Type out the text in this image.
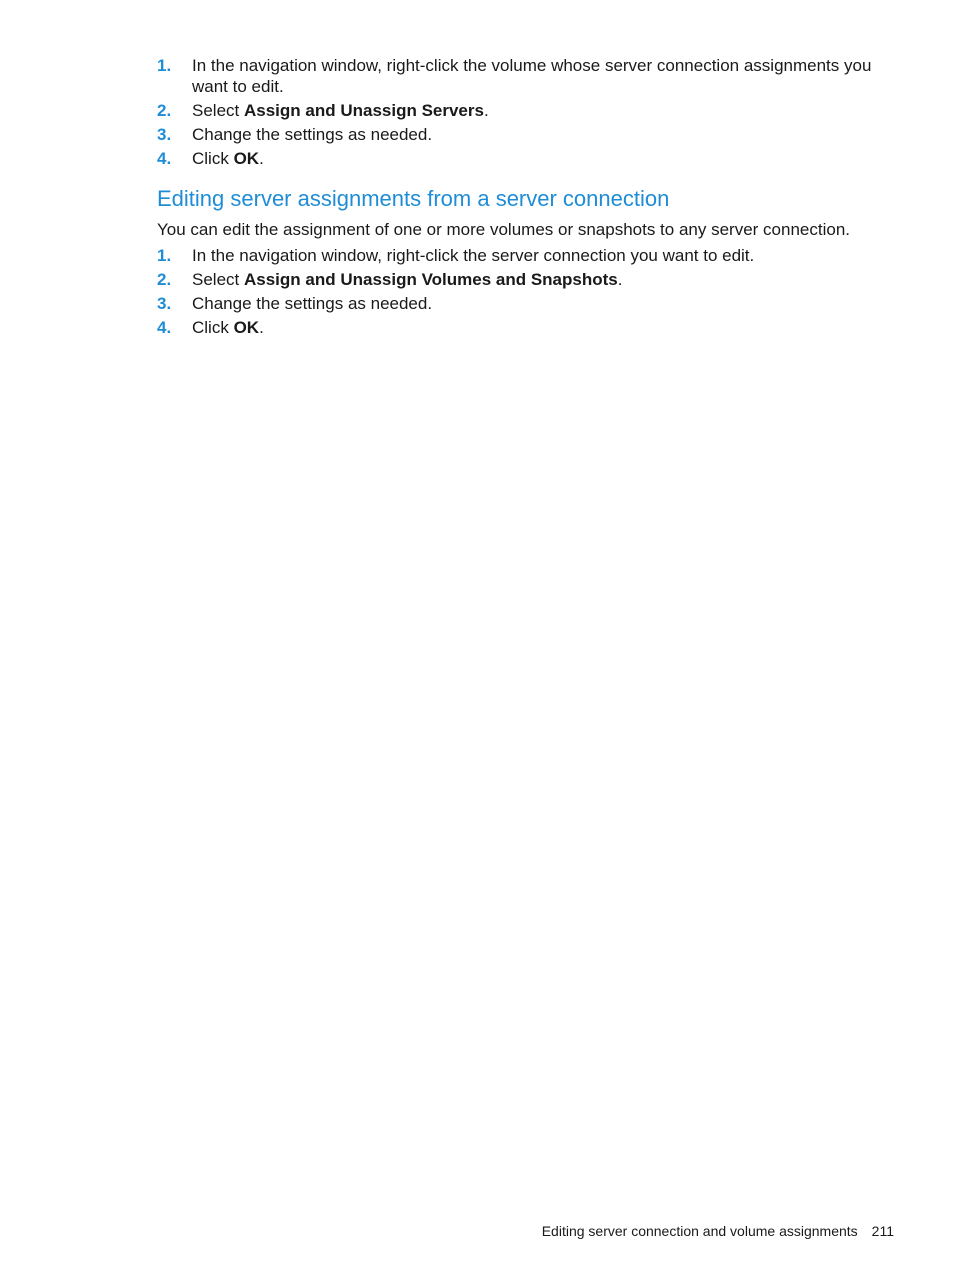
1. In the navigation window, right-click the volume whose server connection assignments you want to edit.
2. Select Assign and Unassign Servers.
3. Change the settings as needed.
4. Click OK.
Editing server assignments from a server connection

You can edit the assignment of one or more volumes or snapshots to any server connection.

1. In the navigation window, right-click the server connection you want to edit.
2. Select Assign and Unassign Volumes and Snapshots.
3. Change the settings as needed.
4. Click OK.
Editing server connection and volume assignments 211
